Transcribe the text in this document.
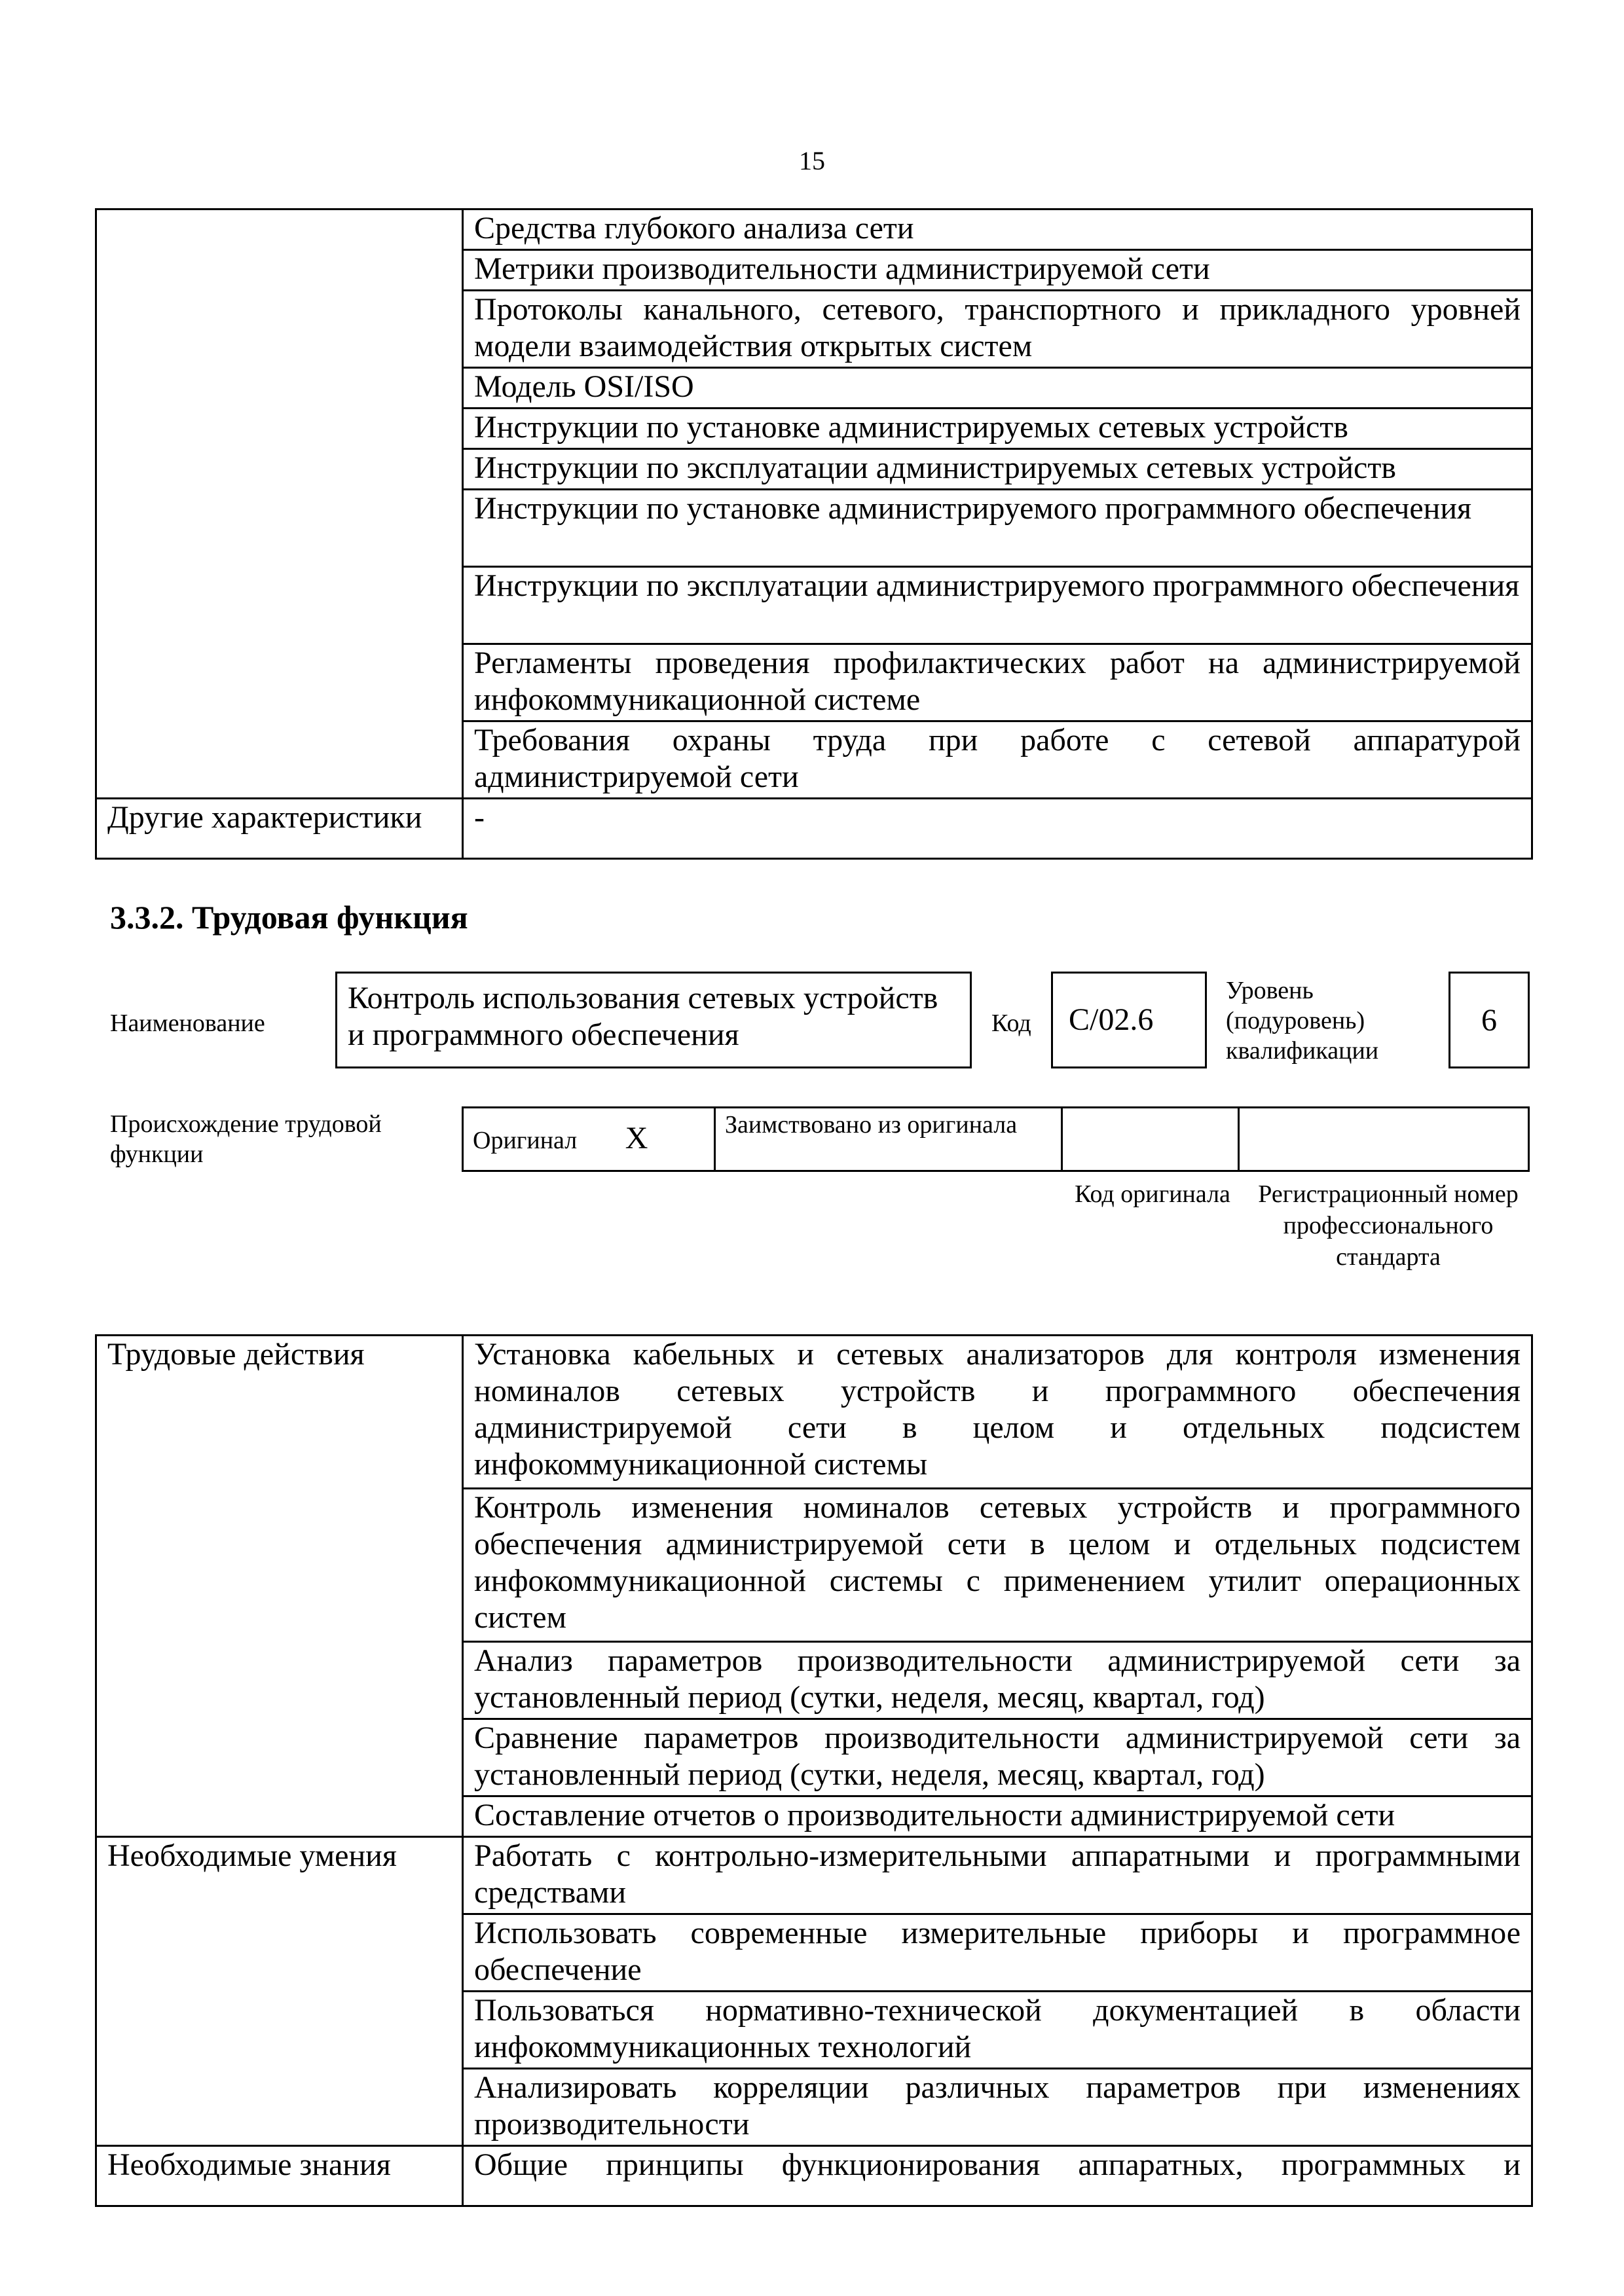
15
	Средства глубокого анализа сети
	Метрики производительности администрируемой сети
	Протоколы канального, сетевого, транспортного и прикладного уровней модели взаимодействия открытых систем
	Модель OSI/ISO
	Инструкции по установке администрируемых сетевых устройств
	Инструкции по эксплуатации администрируемых сетевых устройств
	Инструкции по установке администрируемого программного обеспечения
	Инструкции по эксплуатации администрируемого программного обеспечения
	Регламенты проведения профилактических работ на администрируемой инфокоммуникационной системе
	Требования охраны труда при работе с сетевой аппаратурой администрируемой сети
Другие характеристики	-
3.3.2. Трудовая функция
Наименование
Контроль использования сетевых устройств и программного обеспечения	Код	С/02.6
Уровень (подуровень) квалификации
6
Происхождение трудовой функции
Оригинал X	Заимствовано из оригинала		
Код оригинала	Регистрационный номер профессионального стандарта
Трудовые действия	Установка кабельных и сетевых анализаторов для контроля изменения номиналов сетевых устройств и программного обеспечения администрируемой сети в целом и отдельных подсистем инфокоммуникационной системы
	Контроль изменения номиналов сетевых устройств и программного обеспечения администрируемой сети в целом и отдельных подсистем инфокоммуникационной системы с применением утилит операционных систем
	Анализ параметров производительности администрируемой сети за установленный период (сутки, неделя, месяц, квартал, год)
	Сравнение параметров производительности администрируемой сети за установленный период (сутки, неделя, месяц, квартал, год)
	Составление отчетов о производительности администрируемой сети
Необходимые умения	Работать с контрольно-измерительными аппаратными и программными средствами
	Использовать современные измерительные приборы и программное обеспечение
	Пользоваться нормативно-технической документацией в области инфокоммуникационных технологий
	Анализировать корреляции различных параметров при изменениях производительности
Необходимые знания	Общие принципы функционирования аппаратных, программных и
